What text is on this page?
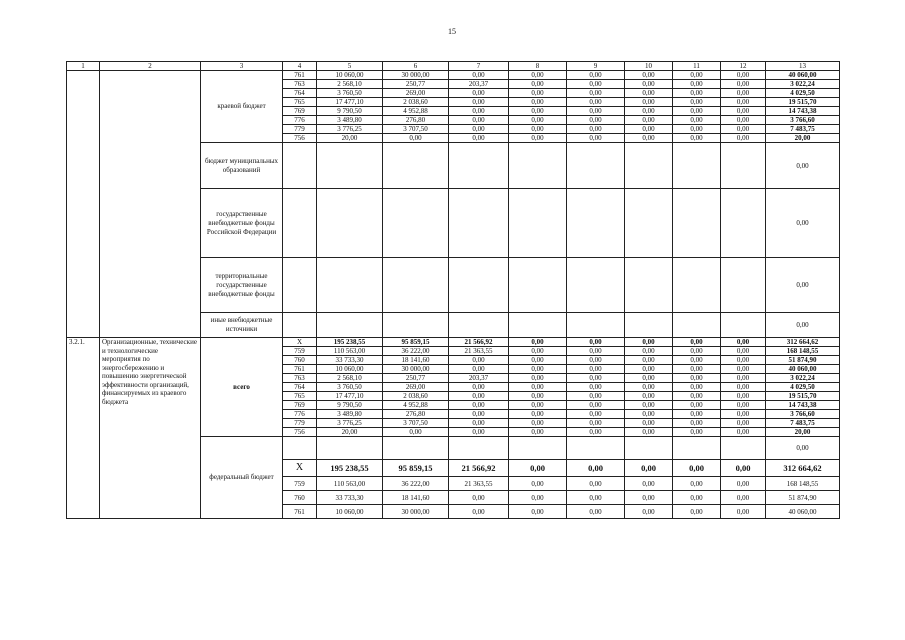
15
1	2	3	4	5	6	7	8	9	10	11	12	13
		краевой бюджет	761	10 060,00	30 000,00	0,00	0,00	0,00	0,00	0,00	0,00	40 060,00
			763	2 568,10	250,77	203,37	0,00	0,00	0,00	0,00	0,00	3 022,24
			764	3 760,50	269,00	0,00	0,00	0,00	0,00	0,00	0,00	4 029,50
			765	17 477,10	2 038,60	0,00	0,00	0,00	0,00	0,00	0,00	19 515,70
			769	9 790,50	4 952,88	0,00	0,00	0,00	0,00	0,00	0,00	14 743,38
			776	3 489,80	276,80	0,00	0,00	0,00	0,00	0,00	0,00	3 766,60
			779	3 776,25	3 707,50	0,00	0,00	0,00	0,00	0,00	0,00	7 483,75
			756	20,00	0,00	0,00	0,00	0,00	0,00	0,00	0,00	20,00
		бюджет муниципальных образований										0,00
		государственные внебюджетные фонды Российской Федерации										0,00
		территориальные государственные внебюджетные фонды										0,00
		иные внебюджетные источники										0,00
3.2.1.	Организационные, технические и технологические мероприятия по энергосбережению и повышению энергетической эффективности организаций, финансируемых из краевого бюджета	всего	X	195 238,55	95 859,15	21 566,92	0,00	0,00	0,00	0,00	0,00	312 664,62
			759	110 563,00	36 222,00	21 363,55	0,00	0,00	0,00	0,00	0,00	168 148,55
			760	33 733,30	18 141,60	0,00	0,00	0,00	0,00	0,00	0,00	51 874,90
			761	10 060,00	30 000,00	0,00	0,00	0,00	0,00	0,00	0,00	40 060,00
			763	2 568,10	250,77	203,37	0,00	0,00	0,00	0,00	0,00	3 022,24
			764	3 760,50	269,00	0,00	0,00	0,00	0,00	0,00	0,00	4 029,50
			765	17 477,10	2 038,60	0,00	0,00	0,00	0,00	0,00	0,00	19 515,70
			769	9 790,50	4 952,88	0,00	0,00	0,00	0,00	0,00	0,00	14 743,38
			776	3 489,80	276,80	0,00	0,00	0,00	0,00	0,00	0,00	3 766,60
			779	3 776,25	3 707,50	0,00	0,00	0,00	0,00	0,00	0,00	7 483,75
			756	20,00	0,00	0,00	0,00	0,00	0,00	0,00	0,00	20,00
		федеральный бюджет										0,00
			X	195 238,55	95 859,15	21 566,92	0,00	0,00	0,00	0,00	0,00	312 664,62
			759	110 563,00	36 222,00	21 363,55	0,00	0,00	0,00	0,00	0,00	168 148,55
			760	33 733,30	18 141,60	0,00	0,00	0,00	0,00	0,00	0,00	51 874,90
			761	10 060,00	30 000,00	0,00	0,00	0,00	0,00	0,00	0,00	40 060,00
